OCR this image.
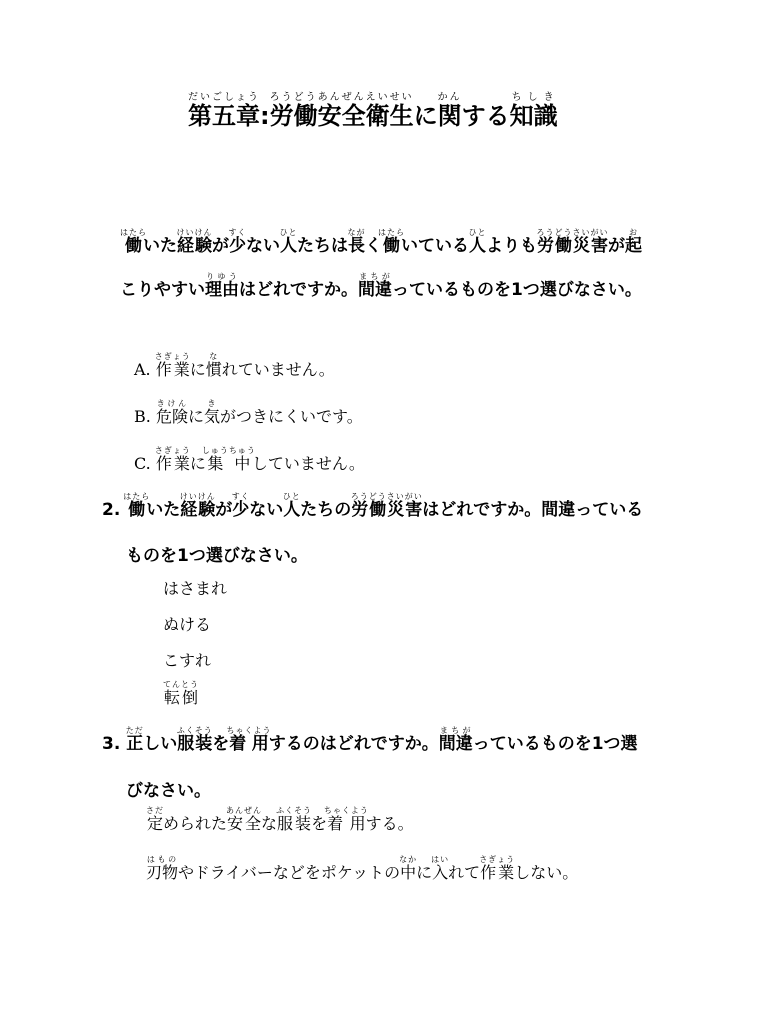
第五章だいごしょう:労働安全衛生ろうどうあんぜんえいせいに関かんする知識ちしき
働はたらいた経験けいけんが少すくない人ひとたちは長ながく働はたらいている人ひとよりも労働災害ろうどうさいがいが起お
こりやすい理由りゆうはどれですか。間違まちがっているものを1つ選びなさい。
A. 作業さぎょうに慣なれていません。
B. 危険きけんに気きがつきにくいです。
C. 作業さぎょうに集中しゅうちゅうしていません。
2. 働はたらいた経験けいけんが少すくない人ひとたちの労働災害ろうどうさいがいはどれですか。間違っている
ものを1つ選びなさい。
はさまれ
ぬける
こすれ
転倒てんとう
3. 正ただしい服装ふくそうを着用ちゃくようするのはどれですか。間違まちがっているものを1つ選
びなさい。
定さだめられた安全あんぜんな服装ふくそうを着用ちゃくようする。
刃物はものやドライバーなどをポケットの中なかに入はいれて作業さぎょうしない。
